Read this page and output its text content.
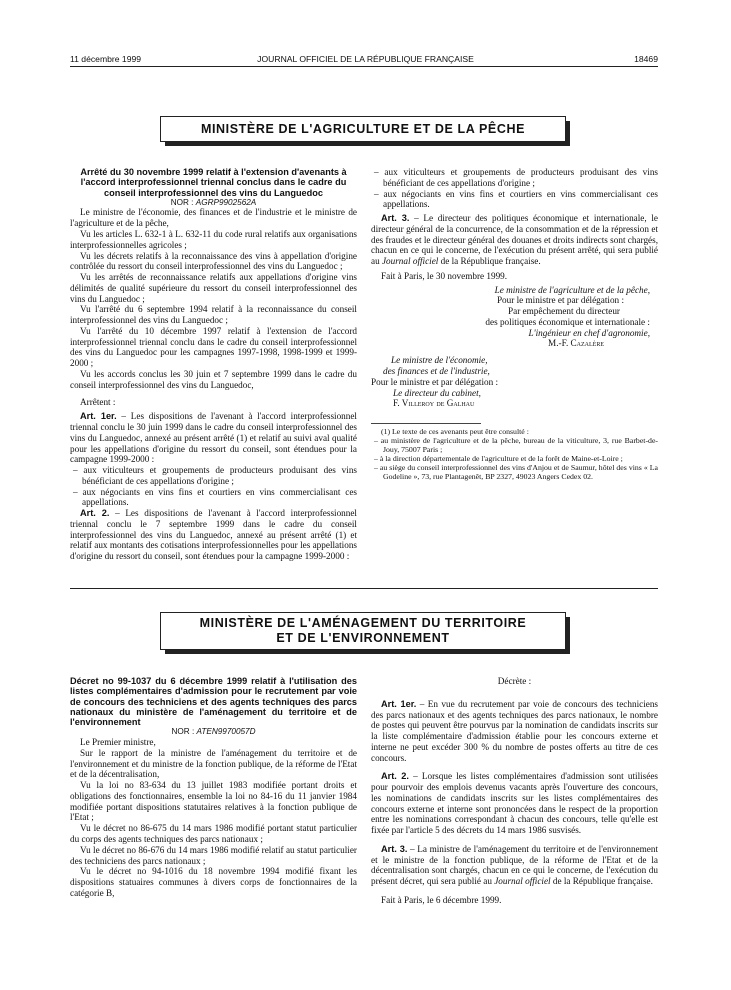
11 décembre 1999	JOURNAL OFFICIEL DE LA RÉPUBLIQUE FRANÇAISE	18469
MINISTÈRE DE L'AGRICULTURE ET DE LA PÊCHE

Arrêté du 30 novembre 1999 relatif à l'extension d'avenants à l'accord interprofessionnel triennal conclus dans le cadre du conseil interprofessionnel des vins du Languedoc

NOR : AGRP9902562A

Le ministre de l'économie, des finances et de l'industrie et le ministre de l'agriculture et de la pêche,

Vu les articles L. 632-1 à L. 632-11 du code rural relatifs aux organisations interprofessionnelles agricoles ;

Vu les décrets relatifs à la reconnaissance des vins à appellation d'origine contrôlée du ressort du conseil interprofessionnel des vins du Languedoc ;

Vu les arrêtés de reconnaissance relatifs aux appellations d'origine vins délimités de qualité supérieure du ressort du conseil interprofessionnel des vins du Languedoc ;

Vu l'arrêté du 6 septembre 1994 relatif à la reconnaissance du conseil interprofessionnel des vins du Languedoc ;

Vu l'arrêté du 10 décembre 1997 relatif à l'extension de l'accord interprofessionnel triennal conclu dans le cadre du conseil interprofessionnel des vins du Languedoc pour les campagnes 1997-1998, 1998-1999 et 1999-2000 ;

Vu les accords conclus les 30 juin et 7 septembre 1999 dans le cadre du conseil interprofessionnel des vins du Languedoc,

Arrêtent :

Art. 1er. – Les dispositions de l'avenant à l'accord interprofessionnel triennal conclu le 30 juin 1999 dans le cadre du conseil interprofessionnel des vins du Languedoc, annexé au présent arrêté (1) et relatif au suivi aval qualité pour les appellations d'origine du ressort du conseil, sont étendues pour la campagne 1999-2000 :

– aux viticulteurs et groupements de producteurs produisant des vins bénéficiant de ces appellations d'origine ;

– aux négociants en vins fins et courtiers en vins commercialisant ces appellations.

Art. 2. – Les dispositions de l'avenant à l'accord interprofessionnel triennal conclu le 7 septembre 1999 dans le cadre du conseil interprofessionnel des vins du Languedoc, annexé au présent arrêté (1) et relatif aux montants des cotisations interprofessionnelles pour les appellations d'origine du ressort du conseil, sont étendues pour la campagne 1999-2000 :

– aux viticulteurs et groupements de producteurs produisant des vins bénéficiant de ces appellations d'origine ;

– aux négociants en vins fins et courtiers en vins commercialisant ces appellations.

Art. 3. – Le directeur des politiques économique et internationale, le directeur général de la concurrence, de la consommation et de la répression et des fraudes et le directeur général des douanes et droits indirects sont chargés, chacun en ce qui le concerne, de l'exécution du présent arrêté, qui sera publié au Journal officiel de la République française.

Fait à Paris, le 30 novembre 1999.

Le ministre de l'agriculture et de la pêche,

Pour le ministre et par délégation :

Par empêchement du directeur

des politiques économique et internationale :

L'ingénieur en chef d'agronomie,

M.-F. Cazalère

Le ministre de l'économie,

des finances et de l'industrie,

Pour le ministre et par délégation :

Le directeur du cabinet,

F. Villeroy de Galhau

(1) Le texte de ces avenants peut être consulté :

– au ministère de l'agriculture et de la pêche, bureau de la viticulture, 3, rue Barbet-de-Jouy, 75007 Paris ;

– à la direction départementale de l'agriculture et de la forêt de Maine-et-Loire ;

– au siège du conseil interprofessionnel des vins d'Anjou et de Saumur, hôtel des vins « La Godeline », 73, rue Plantagenêt, BP 2327, 49023 Angers Cedex 02.

MINISTÈRE DE L'AMÉNAGEMENT DU TERRITOIRE
ET DE L'ENVIRONNEMENT

Décret no 99-1037 du 6 décembre 1999 relatif à l'utilisation des listes complémentaires d'admission pour le recrutement par voie de concours des techniciens et des agents techniques des parcs nationaux du ministère de l'aménagement du territoire et de l'environnement

NOR : ATEN9970057D

Le Premier ministre,

Sur le rapport de la ministre de l'aménagement du territoire et de l'environnement et du ministre de la fonction publique, de la réforme de l'Etat et de la décentralisation,

Vu la loi no 83-634 du 13 juillet 1983 modifiée portant droits et obligations des fonctionnaires, ensemble la loi no 84-16 du 11 janvier 1984 modifiée portant dispositions statutaires relatives à la fonction publique de l'Etat ;

Vu le décret no 86-675 du 14 mars 1986 modifié portant statut particulier du corps des agents techniques des parcs nationaux ;

Vu le décret no 86-676 du 14 mars 1986 modifié relatif au statut particulier des techniciens des parcs nationaux ;

Vu le décret no 94-1016 du 18 novembre 1994 modifié fixant les dispositions statuaires communes à divers corps de fonctionnaires de la catégorie B,

Décrète :

Art. 1er. – En vue du recrutement par voie de concours des techniciens des parcs nationaux et des agents techniques des parcs nationaux, le nombre de postes qui peuvent être pourvus par la nomination de candidats inscrits sur la liste complémentaire d'admission établie pour les concours externe et interne ne peut excéder 300 % du nombre de postes offerts au titre de ces concours.

Art. 2. – Lorsque les listes complémentaires d'admission sont utilisées pour pourvoir des emplois devenus vacants après l'ouverture des concours, les nominations de candidats inscrits sur les listes complémentaires des concours externe et interne sont prononcées dans le respect de la proportion entre les nominations correspondant à chacun des concours, telle qu'elle est fixée par l'article 5 des décrets du 14 mars 1986 susvisés.

Art. 3. – La ministre de l'aménagement du territoire et de l'environnement et le ministre de la fonction publique, de la réforme de l'Etat et de la décentralisation sont chargés, chacun en ce qui le concerne, de l'exécution du présent décret, qui sera publié au Journal officiel de la République française.

Fait à Paris, le 6 décembre 1999.
